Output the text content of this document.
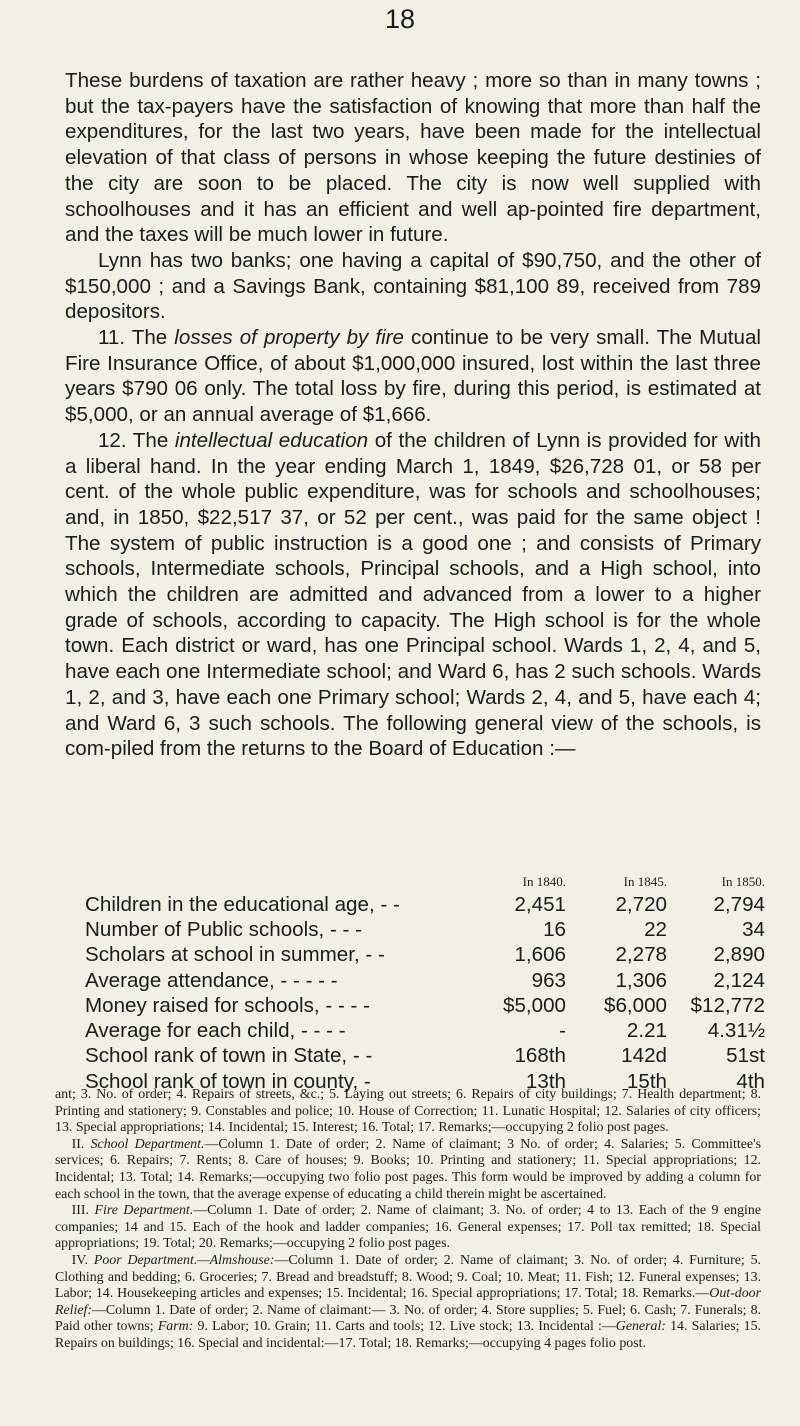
18

These burdens of taxation are rather heavy ; more so than in many towns ; but the tax-payers have the satisfaction of knowing that more than half the expenditures, for the last two years, have been made for the intellectual elevation of that class of persons in whose keeping the future destinies of the city are soon to be placed. The city is now well supplied with schoolhouses and it has an efficient and well ap-pointed fire department, and the taxes will be much lower in future.

Lynn has two banks; one having a capital of $90,750, and the other of $150,000 ; and a Savings Bank, containing $81,100 89, received from 789 depositors.

11. The losses of property by fire continue to be very small. The Mutual Fire Insurance Office, of about $1,000,000 insured, lost within the last three years $790 06 only. The total loss by fire, during this period, is estimated at $5,000, or an annual average of $1,666.

12. The intellectual education of the children of Lynn is provided for with a liberal hand. In the year ending March 1, 1849, $26,728 01, or 58 per cent. of the whole public expenditure, was for schools and schoolhouses; and, in 1850, $22,517 37, or 52 per cent., was paid for the same object ! The system of public instruction is a good one ; and consists of Primary schools, Intermediate schools, Principal schools, and a High school, into which the children are admitted and advanced from a lower to a higher grade of schools, according to capacity. The High school is for the whole town. Each district or ward, has one Principal school. Wards 1, 2, 4, and 5, have each one Intermediate school; and Ward 6, has 2 such schools. Wards 1, 2, and 3, have each one Primary school; Wards 2, 4, and 5, have each 4; and Ward 6, 3 such schools. The following general view of the schools, is com-piled from the returns to the Board of Education :—

	In 1840.	In 1845.	In 1850.
Children in the educational age, - -	2,451	2,720	2,794
Number of Public schools, - - -	16	22	34
Scholars at school in summer, - -	1,606	2,278	2,890
Average attendance, - - - - -	963	1,306	2,124
Money raised for schools, - - - -	$5,000	$6,000	$12,772
Average for each child, - - - -	-	2.21	4.31½
School rank of town in State, - -	168th	142d	51st
School rank of town in county, -	13th	15th	4th

ant; 3. No. of order; 4. Repairs of streets, &c.; 5. Laying out streets; 6. Repairs of city buildings; 7. Health department; 8. Printing and stationery; 9. Constables and police; 10. House of Correction; 11. Lunatic Hospital; 12. Salaries of city officers; 13. Special appropriations; 14. Incidental; 15. Interest; 16. Total; 17. Remarks;—occupying 2 folio post pages.

II. School Department.—Column 1. Date of order; 2. Name of claimant; 3 No. of order; 4. Salaries; 5. Committee's services; 6. Repairs; 7. Rents; 8. Care of houses; 9. Books; 10. Printing and stationery; 11. Special appropriations; 12. Incidental; 13. Total; 14. Remarks;—occupying two folio post pages. This form would be improved by adding a column for each school in the town, that the average expense of educating a child therein might be ascertained.

III. Fire Department.—Column 1. Date of order; 2. Name of claimant; 3. No. of order; 4 to 13. Each of the 9 engine companies; 14 and 15. Each of the hook and ladder companies; 16. General expenses; 17. Poll tax remitted; 18. Special appropriations; 19. Total; 20. Remarks;—occupying 2 folio post pages.

IV. Poor Department.—Almshouse:—Column 1. Date of order; 2. Name of claimant; 3. No. of order; 4. Furniture; 5. Clothing and bedding; 6. Groceries; 7. Bread and breadstuff; 8. Wood; 9. Coal; 10. Meat; 11. Fish; 12. Funeral expenses; 13. Labor; 14. Housekeeping articles and expenses; 15. Incidental; 16. Special appropriations; 17. Total; 18. Remarks.—Out-door Relief:—Column 1. Date of order; 2. Name of claimant:— 3. No. of order; 4. Store supplies; 5. Fuel; 6. Cash; 7. Funerals; 8. Paid other towns; Farm: 9. Labor; 10. Grain; 11. Carts and tools; 12. Live stock; 13. Incidental :—General: 14. Salaries; 15. Repairs on buildings; 16. Special and incidental:—17. Total; 18. Remarks;—occupying 4 pages folio post.
